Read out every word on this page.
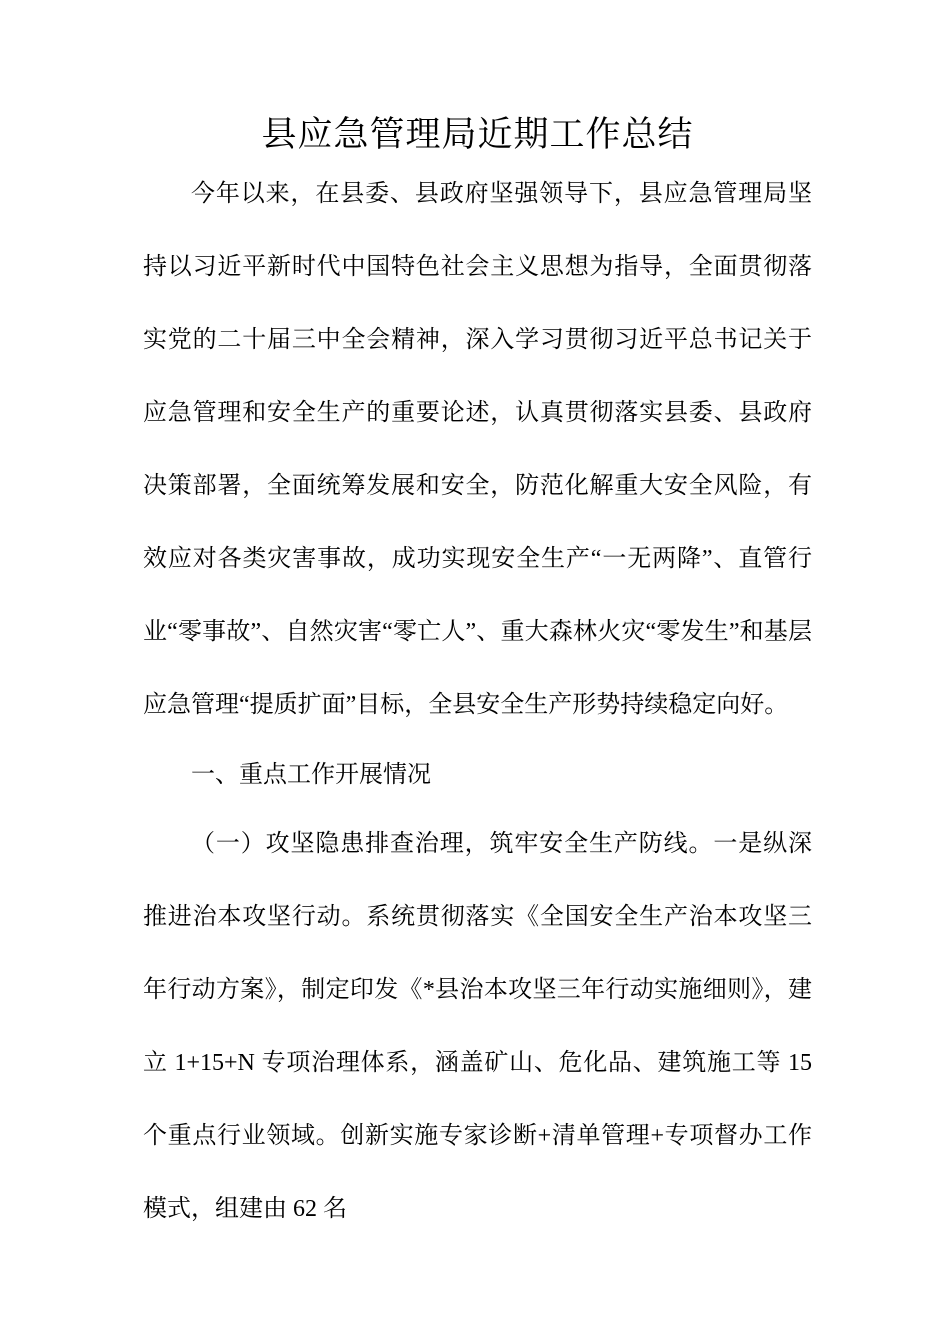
县应急管理局近期工作总结

今年以来，在县委、县政府坚强领导下，县应急管理局坚持以习近平新时代中国特色社会主义思想为指导，全面贯彻落实党的二十届三中全会精神，深入学习贯彻习近平总书记关于应急管理和安全生产的重要论述，认真贯彻落实县委、县政府决策部署，全面统筹发展和安全，防范化解重大安全风险，有效应对各类灾害事故，成功实现安全生产“一无两降”、直管行业“零事故”、自然灾害“零亡人”、重大森林火灾“零发生”和基层应急管理“提质扩面”目标，全县安全生产形势持续稳定向好。

一、重点工作开展情况

（一）攻坚隐患排查治理，筑牢安全生产防线。一是纵深推进治本攻坚行动。系统贯彻落实《全国安全生产治本攻坚三年行动方案》，制定印发《*县治本攻坚三年行动实施细则》，建立 1+15+N 专项治理体系，涵盖矿山、危化品、建筑施工等 15 个重点行业领域。创新实施专家诊断+清单管理+专项督办工作模式，组建由 62 名
